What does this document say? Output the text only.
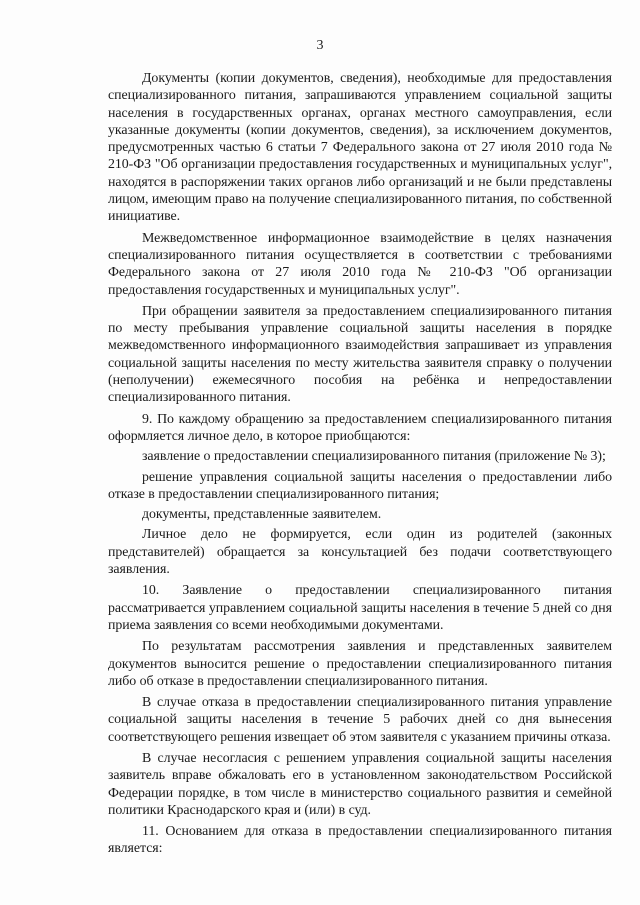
3

Документы (копии документов, сведения), необходимые для предоставления специализированного питания, запрашиваются управлением социальной защиты населения в государственных органах, органах местного самоуправления, если указанные документы (копии документов, сведения), за исключением документов, предусмотренных частью 6 статьи 7 Федерального закона от 27 июля 2010 года № 210-ФЗ "Об организации предоставления государственных и муниципальных услуг", находятся в распоряжении таких органов либо организаций и не были представлены лицом, имеющим право на получение специализированного питания, по собственной инициативе.

Межведомственное информационное взаимодействие в целях назначения специализированного питания осуществляется в соответствии с требованиями Федерального закона от 27 июля 2010 года № 210-ФЗ "Об организации предоставления государственных и муниципальных услуг".

При обращении заявителя за предоставлением специализированного питания по месту пребывания управление социальной защиты населения в порядке межведомственного информационного взаимодействия запрашивает из управления социальной защиты населения по месту жительства заявителя справку о получении (неполучении) ежемесячного пособия на ребёнка и непредоставлении специализированного питания.

9. По каждому обращению за предоставлением специализированного питания оформляется личное дело, в которое приобщаются:

заявление о предоставлении специализированного питания (приложение № 3);

решение управления социальной защиты населения о предоставлении либо отказе в предоставлении специализированного питания;

документы, представленные заявителем.

Личное дело не формируется, если один из родителей (законных представителей) обращается за консультацией без подачи соответствующего заявления.

10. Заявление о предоставлении специализированного питания рассматривается управлением социальной защиты населения в течение 5 дней со дня приема заявления со всеми необходимыми документами.

По результатам рассмотрения заявления и представленных заявителем документов выносится решение о предоставлении специализированного питания либо об отказе в предоставлении специализированного питания.

В случае отказа в предоставлении специализированного питания управление социальной защиты населения в течение 5 рабочих дней со дня вынесения соответствующего решения извещает об этом заявителя с указанием причины отказа.

В случае несогласия с решением управления социальной защиты населения заявитель вправе обжаловать его в установленном законодательством Российской Федерации порядке, в том числе в министерство социального развития и семейной политики Краснодарского края и (или) в суд.

11. Основанием для отказа в предоставлении специализированного питания является:
